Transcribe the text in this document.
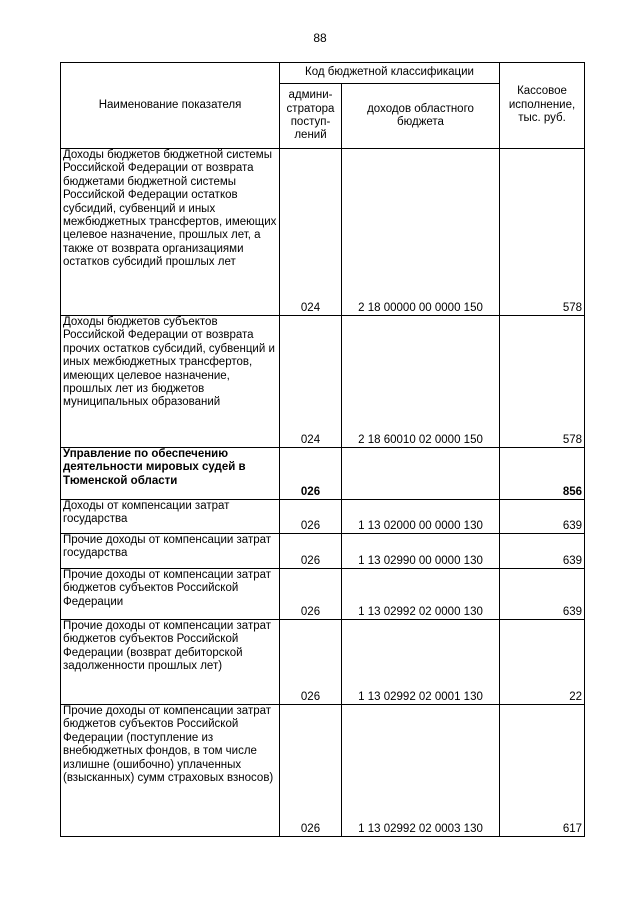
88
Наименование показателя	Код бюджетной классификации		Кассовое исполнение, тыс. руб.
	админи-стратора поступ-лений	доходов областного бюджета	
Доходы бюджетов бюджетной системы Российской Федерации от возврата бюджетами бюджетной системы Российской Федерации остатков субсидий, субвенций и иных межбюджетных трансфертов, имеющих целевое назначение, прошлых лет, а также от возврата организациями остатков субсидий прошлых лет	024	2 18 00000 00 0000 150	578
Доходы бюджетов субъектов Российской Федерации от возврата прочих остатков субсидий, субвенций и иных межбюджетных трансфертов, имеющих целевое назначение, прошлых лет из бюджетов муниципальных образований	024	2 18 60010 02 0000 150	578
Управление по обеспечению деятельности мировых судей в Тюменской области	026		856
Доходы от компенсации затрат государства	026	1 13 02000 00 0000 130	639
Прочие доходы от компенсации затрат государства	026	1 13 02990 00 0000 130	639
Прочие доходы от компенсации затрат бюджетов субъектов Российской Федерации	026	1 13 02992 02 0000 130	639
Прочие доходы от компенсации затрат бюджетов субъектов Российской Федерации (возврат дебиторской задолженности прошлых лет)	026	1 13 02992 02 0001 130	22
Прочие доходы от компенсации затрат бюджетов субъектов Российской Федерации (поступление из внебюджетных фондов, в том числе излишне (ошибочно) уплаченных (взысканных) сумм страховых взносов)	026	1 13 02992 02 0003 130	617
